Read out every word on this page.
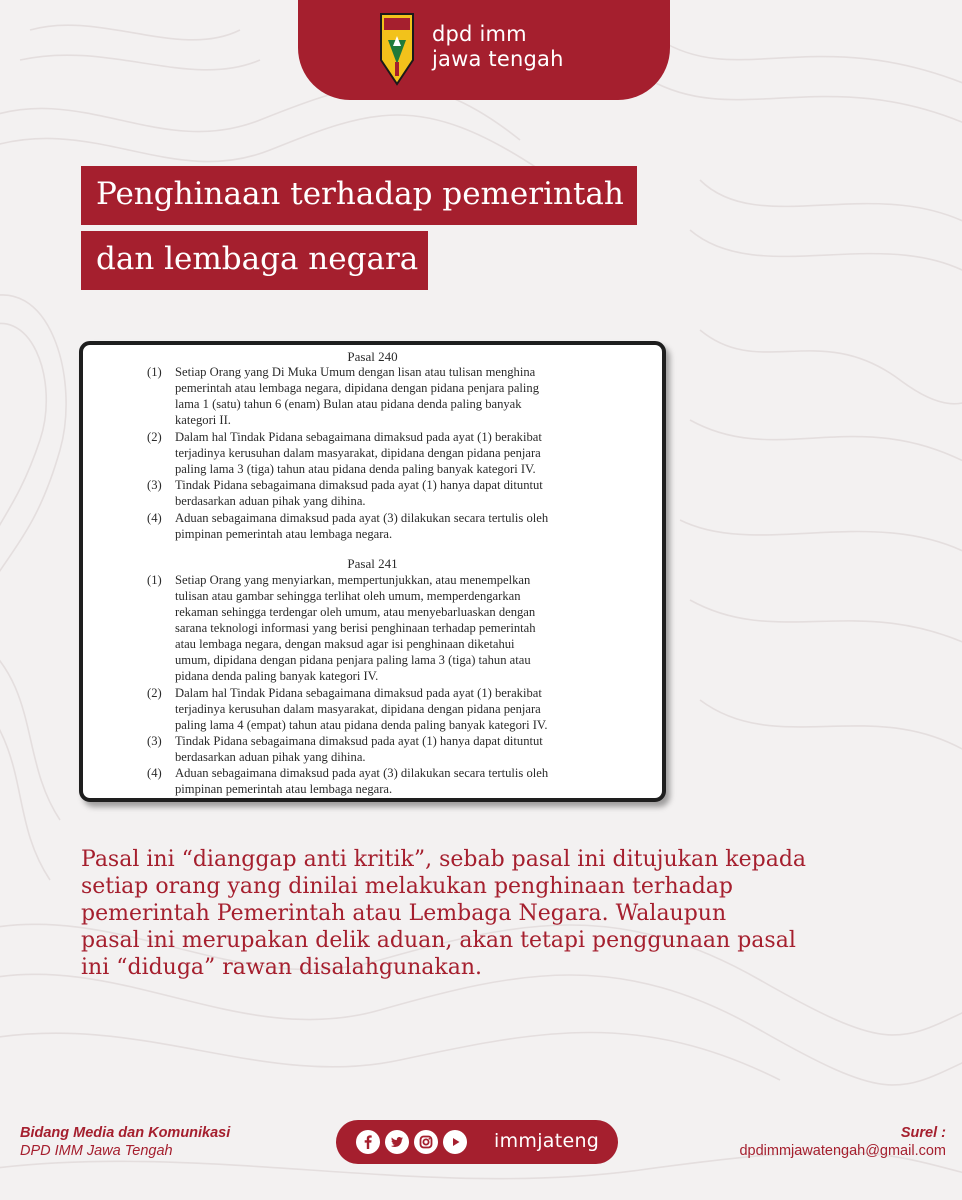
dpd imm
jawa tengah
Penghinaan terhadap pemerintah
dan lembaga negara
Pasal 240
(1) Setiap Orang yang Di Muka Umum dengan lisan atau tulisan menghina
pemerintah atau lembaga negara, dipidana dengan pidana penjara paling
lama 1 (satu) tahun 6 (enam) Bulan atau pidana denda paling banyak
kategori II.
(2) Dalam hal Tindak Pidana sebagaimana dimaksud pada ayat (1) berakibat
terjadinya kerusuhan dalam masyarakat, dipidana dengan pidana penjara
paling lama 3 (tiga) tahun atau pidana denda paling banyak kategori IV.
(3) Tindak Pidana sebagaimana dimaksud pada ayat (1) hanya dapat dituntut
berdasarkan aduan pihak yang dihina.
(4) Aduan sebagaimana dimaksud pada ayat (3) dilakukan secara tertulis oleh
pimpinan pemerintah atau lembaga negara.
Pasal 241
(1) Setiap Orang yang menyiarkan, mempertunjukkan, atau menempelkan
tulisan atau gambar sehingga terlihat oleh umum, memperdengarkan
rekaman sehingga terdengar oleh umum, atau menyebarluaskan dengan
sarana teknologi informasi yang berisi penghinaan terhadap pemerintah
atau lembaga negara, dengan maksud agar isi penghinaan diketahui
umum, dipidana dengan pidana penjara paling lama 3 (tiga) tahun atau
pidana denda paling banyak kategori IV.
(2) Dalam hal Tindak Pidana sebagaimana dimaksud pada ayat (1) berakibat
terjadinya kerusuhan dalam masyarakat, dipidana dengan pidana penjara
paling lama 4 (empat) tahun atau pidana denda paling banyak kategori IV.
(3) Tindak Pidana sebagaimana dimaksud pada ayat (1) hanya dapat dituntut
berdasarkan aduan pihak yang dihina.
(4) Aduan sebagaimana dimaksud pada ayat (3) dilakukan secara tertulis oleh
pimpinan pemerintah atau lembaga negara.
Pasal ini “dianggap anti kritik”, sebab pasal ini ditujukan kepada
setiap orang yang dinilai melakukan penghinaan terhadap
pemerintah Pemerintah atau Lembaga Negara. Walaupun
pasal ini merupakan delik aduan, akan tetapi penggunaan pasal
ini “diduga” rawan disalahgunakan.
Bidang Media dan Komunikasi
DPD IMM Jawa Tengah	immjateng	Surel :
dpdimmjawatengah@gmail.com
